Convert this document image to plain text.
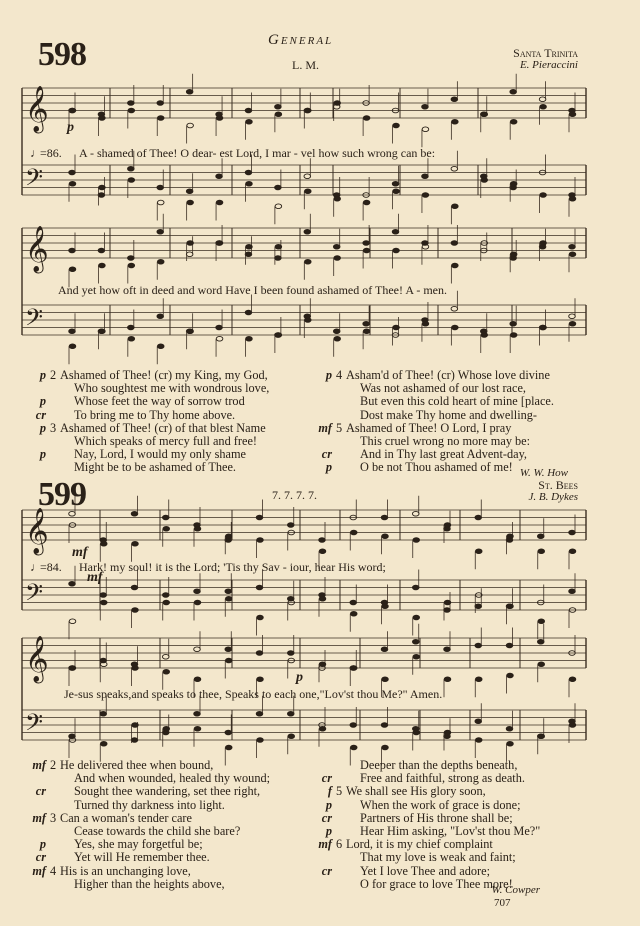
General
598	L. M.
Santa Trinita
E. Pieraccini
𝄞
𝄢
𝄞
𝄢
p
♩
=86. A - shamed of Thee! O dear- est Lord, I mar - vel how such wrong can be:
And yet how oft in deed and word Have I been found ashamed of Thee! A - men.
p 2 Ashamed of Thee! (cr) my King, my God,
Who soughtest me with wondrous love,
p Whose feet the way of sorrow trod
cr To bring me to Thy home above.
p 3 Ashamed of Thee! (cr) of that blest Name
Which speaks of mercy full and free!
p Nay, Lord, I would my only shame
Might be to be ashamed of Thee.
p 4 Asham'd of Thee! (cr) Whose love divine
Was not ashamed of our lost race,
But even this cold heart of mine [place.
Dost make Thy home and dwelling-
mf 5 Ashamed of Thee! O Lord, I pray
This cruel wrong no more may be:
cr And in Thy last great Advent-day,
p O be not Thou ashamed of me! W. W. How
599	7. 7. 7. 7.
St. Bees
J. B. Dykes
𝄞
𝄢
𝄞
𝄢
mf
♩
=84. Hark! my soul! it is the Lord; 'Tis thy Sav - iour, hear His word;
mf
p
Je-sus speaks,and speaks to thee, Speaks to each one,"Lov'st thou Me?" Amen.
mf 2 He delivered thee when bound,
And when wounded, healed thy wound;
cr Sought thee wandering, set thee right,
Turned thy darkness into light.
mf 3 Can a woman's tender care
Cease towards the child she bare?
p Yes, she may forgetful be;
cr Yet will He remember thee.
mf 4 His is an unchanging love,
Higher than the heights above,
Deeper than the depths beneath,
cr Free and faithful, strong as death.
f 5 We shall see His glory soon,
p When the work of grace is done;
cr Partners of His throne shall be;
p Hear Him asking, "Lov'st thou Me?"
mf 6 Lord, it is my chief complaint
That my love is weak and faint;
cr Yet I love Thee and adore;
O for grace to love Thee more!
W. Cowper
707
